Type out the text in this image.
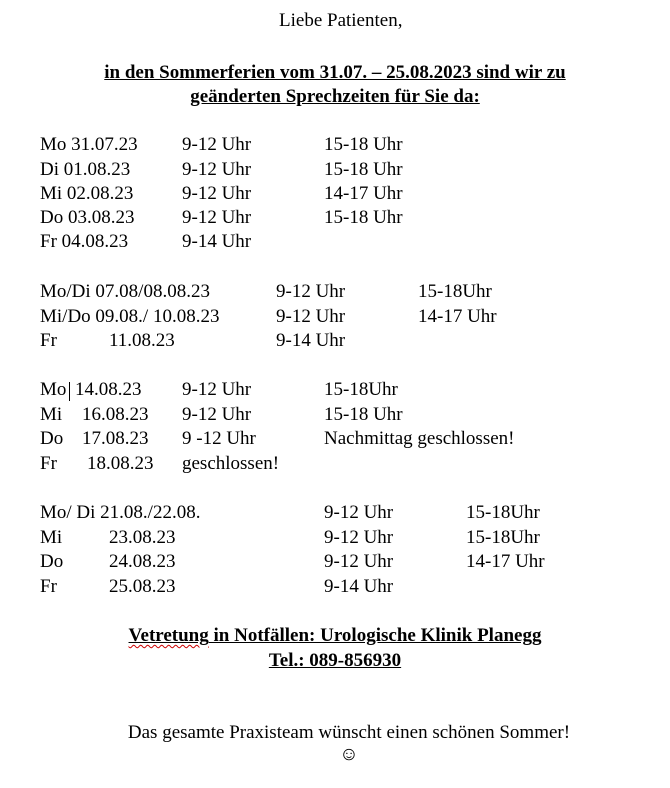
Liebe Patienten,
in den Sommerferien vom 31.07. – 25.08.2023 sind wir zu
geänderten Sprechzeiten für Sie da:
Mo 31.07.23 9-12 Uhr	15-18 Uhr
Di 01.08.23	9-12 Uhr	15-18 Uhr
Mi 02.08.23	9-12 Uhr	14-17 Uhr
Do 03.08.23	9-12 Uhr	15-18 Uhr
Fr 04.08.23	9-14 Uhr
Mo/Di 07.08/08.08.23	9-12 Uhr	15-18Uhr
Mi/Do 09.08./ 10.08.23	9-12 Uhr	14-17 Uhr
Fr	11.08.23	9-14 Uhr
Mo 14.08.23 9-12 Uhr	15-18Uhr
Mi 16.08.23 9-12 Uhr	15-18 Uhr
Do 17.08.23 9 -12 Uhr	Nachmittag geschlossen!
Fr 18.08.23 geschlossen!
Mo/ Di 21.08./22.08.	9-12 Uhr	15-18Uhr
Mi 23.08.23	9-12 Uhr	15-18Uhr
Do 24.08.23	9-12 Uhr	14-17 Uhr
Fr	25.08.23	9-14 Uhr
Vetretung in Notfällen: Urologische Klinik Planegg
Tel.: 089-856930
Das gesamte Praxisteam wünscht einen schönen Sommer!
☺
